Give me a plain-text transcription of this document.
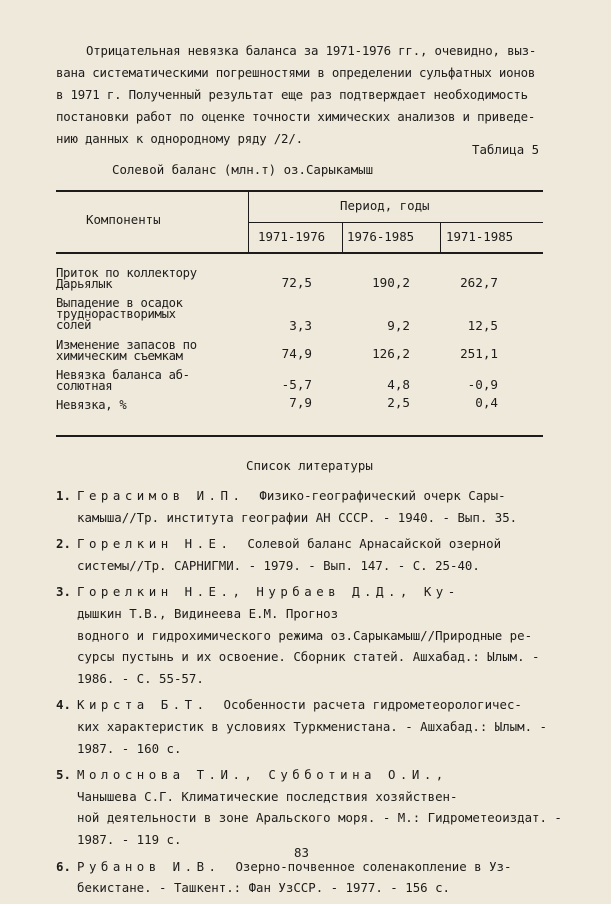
Отрицательная невязка баланса за 1971-1976 гг., очевидно, выз-
вана систематическими погрешностями в определении сульфатных ионов
в 1971 г. Полученный результат еще раз подтверждает необходимость
постановки работ по оценке точности химических анализов и приведе-
нию данных к однородному ряду /2/.
Таблица 5
Солевой баланс (млн.т) оз.Сарыкамыш
Компоненты
Период, годы
1971-1976 1976-1985	1971-1985
Приток по коллектору
Дарьялык	72,5	190,2	262,7
Выпадение в осадок
труднорастворимых
солей	3,3	9,2	12,5
Изменение запасов по
химическим съемкам	74,9	126,2	251,1
Невязка баланса аб-
солютная	-5,7	4,8	-0,9
Невязка, %	7,9	2,5	0,4
Список литературы
1. Герасимов И.П. Физико-географический очерк Сары-
камыша//Тр. института географии АН СССР. - 1940. - Вып. 35.
2. Горелкин Н.Е. Солевой баланс Арнасайской озерной
системы//Тр. САРНИГМИ. - 1979. - Вып. 147. - С. 25-40.
3. Горелкин Н.Е., Нурбаев Д.Д., Ку-
дышкин Т.В., Видинеева Е.М. Прогноз
водного и гидрохимического режима оз.Сарыкамыш//Природные ре-
сурсы пустынь и их освоение. Сборник статей. Ашхабад.: Ылым. -
1986. - С. 55-57.
4. Кирста Б.Т. Особенности расчета гидрометеорологичес-
ких характеристик в условиях Туркменистана. - Ашхабад.: Ылым. -
1987. - 160 с.
5. Молоснова Т.И., Субботина О.И.,
Чанышева С.Г. Климатические последствия хозяйствен-
ной деятельности в зоне Аральского моря. - М.: Гидрометеоиздат. -
1987. - 119 с.
6. Рубанов И.В. Озерно-почвенное соленакопление в Уз-
бекистане. - Ташкент.: Фан УзССР. - 1977. - 156 с.
83
